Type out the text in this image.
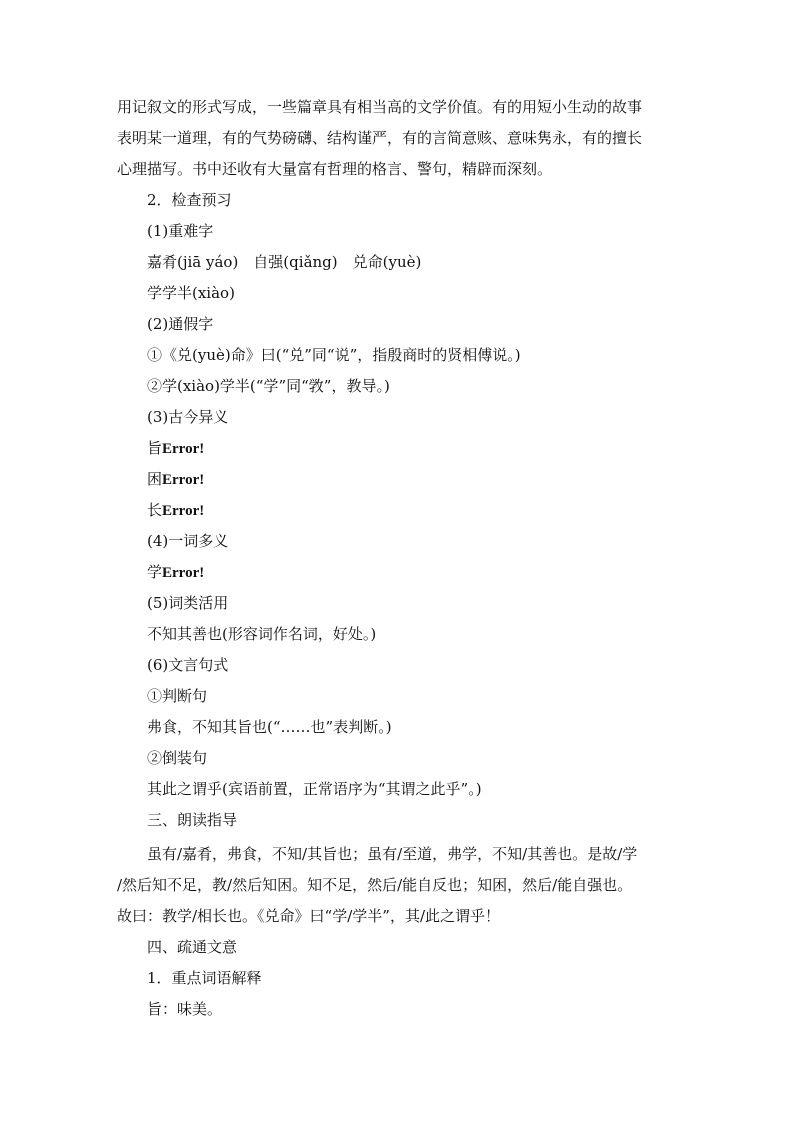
用记叙文的形式写成，一些篇章具有相当高的文学价值。有的用短小生动的故事
表明某一道理，有的气势磅礴、结构谨严，有的言简意赅、意味隽永，有的擅长
心理描写。书中还收有大量富有哲理的格言、警句，精辟而深刻。
2．检查预习
(1)重难字
嘉肴(jiā yáo)　自强(qiǎng)　兑命(yuè)
学学半(xiào)
(2)通假字
①《兑(yuè)命》曰(“兑”同“说”，指殷商时的贤相傅说。)
②学(xiào)学半(“学”同“敩”，教导。)
(3)古今异义
旨Error!
困Error!
长Error!
(4)一词多义
学Error!
(5)词类活用
不知其善也(形容词作名词，好处。)
(6)文言句式
①判断句
弗食，不知其旨也(“……也”表判断。)
②倒装句
其此之谓乎(宾语前置，正常语序为“其谓之此乎”。)
三、朗读指导
虽有/嘉肴，弗食，不知/其旨也；虽有/至道，弗学，不知/其善也。是故/学
/然后知不足，教/然后知困。知不足，然后/能自反也；知困，然后/能自强也。
故曰：教学/相长也。《兑命》曰“学/学半”，其/此之谓乎！
四、疏通文意
1．重点词语解释
旨：味美。
